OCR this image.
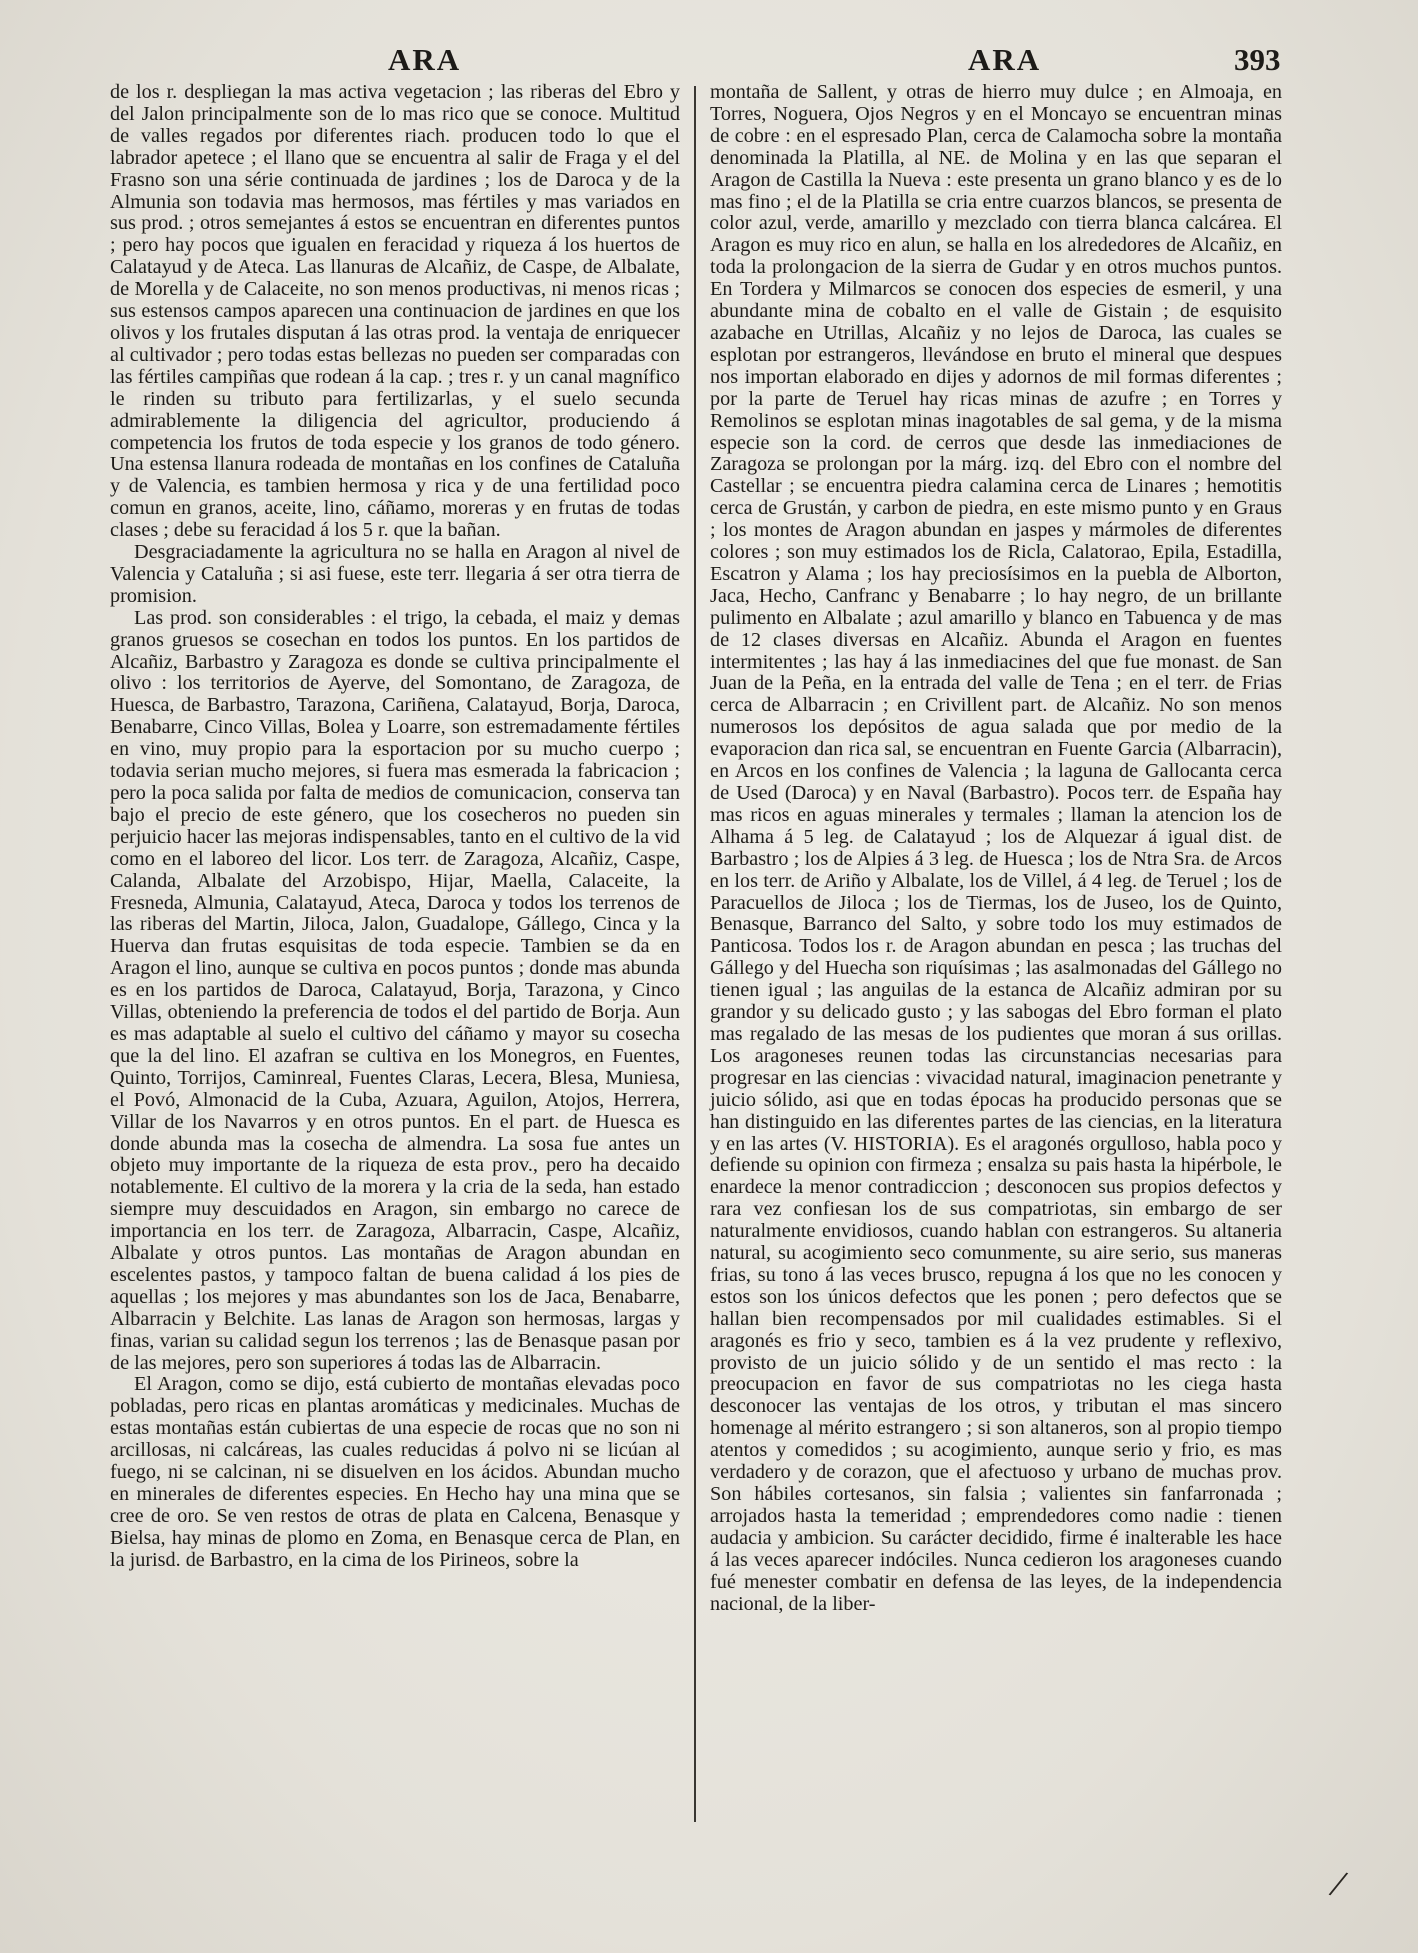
ARA	ARA	393

de los r. despliegan la mas activa vegetacion ; las riberas del Ebro y del Jalon principalmente son de lo mas rico que se conoce. Multitud de valles regados por diferentes riach. producen todo lo que el labrador apetece ; el llano que se encuentra al salir de Fraga y el del Frasno son una série continuada de jardines ; los de Daroca y de la Almunia son todavia mas hermosos, mas fértiles y mas variados en sus prod. ; otros semejantes á estos se encuentran en diferentes puntos ; pero hay pocos que igualen en feracidad y riqueza á los huertos de Calatayud y de Ateca. Las llanuras de Alcañiz, de Caspe, de Albalate, de Morella y de Calaceite, no son menos productivas, ni menos ricas ; sus estensos campos aparecen una continuacion de jardines en que los olivos y los frutales disputan á las otras prod. la ventaja de enriquecer al cultivador ; pero todas estas bellezas no pueden ser comparadas con las fértiles campiñas que rodean á la cap. ; tres r. y un canal magnífico le rinden su tributo para fertilizarlas, y el suelo secunda admirablemente la diligencia del agricultor, produciendo á competencia los frutos de toda especie y los granos de todo género. Una estensa llanura rodeada de montañas en los confines de Cataluña y de Valencia, es tambien hermosa y rica y de una fertilidad poco comun en granos, aceite, lino, cáñamo, moreras y en frutas de todas clases ; debe su feracidad á los 5 r. que la bañan.

Desgraciadamente la agricultura no se halla en Aragon al nivel de Valencia y Cataluña ; si asi fuese, este terr. llegaria á ser otra tierra de promision.

Las prod. son considerables : el trigo, la cebada, el maiz y demas granos gruesos se cosechan en todos los puntos. En los partidos de Alcañiz, Barbastro y Zaragoza es donde se cultiva principalmente el olivo : los territorios de Ayerve, del Somontano, de Zaragoza, de Huesca, de Barbastro, Tarazona, Cariñena, Calatayud, Borja, Daroca, Benabarre, Cinco Villas, Bolea y Loarre, son estremadamente fértiles en vino, muy propio para la esportacion por su mucho cuerpo ; todavia serian mucho mejores, si fuera mas esmerada la fabricacion ; pero la poca salida por falta de medios de comunicacion, conserva tan bajo el precio de este género, que los cosecheros no pueden sin perjuicio hacer las mejoras indispensables, tanto en el cultivo de la vid como en el laboreo del licor. Los terr. de Zaragoza, Alcañiz, Caspe, Calanda, Albalate del Arzobispo, Hijar, Maella, Calaceite, la Fresneda, Almunia, Calatayud, Ateca, Daroca y todos los terrenos de las riberas del Martin, Jiloca, Jalon, Guadalope, Gállego, Cinca y la Huerva dan frutas esquisitas de toda especie. Tambien se da en Aragon el lino, aunque se cultiva en pocos puntos ; donde mas abunda es en los partidos de Daroca, Calatayud, Borja, Tarazona, y Cinco Villas, obteniendo la preferencia de todos el del partido de Borja. Aun es mas adaptable al suelo el cultivo del cáñamo y mayor su cosecha que la del lino. El azafran se cultiva en los Monegros, en Fuentes, Quinto, Torrijos, Caminreal, Fuentes Claras, Lecera, Blesa, Muniesa, el Povó, Almonacid de la Cuba, Azuara, Aguilon, Atojos, Herrera, Villar de los Navarros y en otros puntos. En el part. de Huesca es donde abunda mas la cosecha de almendra. La sosa fue antes un objeto muy importante de la riqueza de esta prov., pero ha decaido notablemente. El cultivo de la morera y la cria de la seda, han estado siempre muy descuidados en Aragon, sin embargo no carece de importancia en los terr. de Zaragoza, Albarracin, Caspe, Alcañiz, Albalate y otros puntos. Las montañas de Aragon abundan en escelentes pastos, y tampoco faltan de buena calidad á los pies de aquellas ; los mejores y mas abundantes son los de Jaca, Benabarre, Albarracin y Belchite. Las lanas de Aragon son hermosas, largas y finas, varian su calidad segun los terrenos ; las de Benasque pasan por de las mejores, pero son superiores á todas las de Albarracin.

El Aragon, como se dijo, está cubierto de montañas elevadas poco pobladas, pero ricas en plantas aromáticas y medicinales. Muchas de estas montañas están cubiertas de una especie de rocas que no son ni arcillosas, ni calcáreas, las cuales reducidas á polvo ni se licúan al fuego, ni se calcinan, ni se disuelven en los ácidos. Abundan mucho en minerales de diferentes especies. En Hecho hay una mina que se cree de oro. Se ven restos de otras de plata en Calcena, Benasque y Bielsa, hay minas de plomo en Zoma, en Benasque cerca de Plan, en la jurisd. de Barbastro, en la cima de los Pirineos, sobre la

montaña de Sallent, y otras de hierro muy dulce ; en Almoaja, en Torres, Noguera, Ojos Negros y en el Moncayo se encuentran minas de cobre : en el espresado Plan, cerca de Calamocha sobre la montaña denominada la Platilla, al NE. de Molina y en las que separan el Aragon de Castilla la Nueva : este presenta un grano blanco y es de lo mas fino ; el de la Platilla se cria entre cuarzos blancos, se presenta de color azul, verde, amarillo y mezclado con tierra blanca calcárea. El Aragon es muy rico en alun, se halla en los alrededores de Alcañiz, en toda la prolongacion de la sierra de Gudar y en otros muchos puntos. En Tordera y Milmarcos se conocen dos especies de esmeril, y una abundante mina de cobalto en el valle de Gistain ; de esquisito azabache en Utrillas, Alcañiz y no lejos de Daroca, las cuales se esplotan por estrangeros, llevándose en bruto el mineral que despues nos importan elaborado en dijes y adornos de mil formas diferentes ; por la parte de Teruel hay ricas minas de azufre ; en Torres y Remolinos se esplotan minas inagotables de sal gema, y de la misma especie son la cord. de cerros que desde las inmediaciones de Zaragoza se prolongan por la márg. izq. del Ebro con el nombre del Castellar ; se encuentra piedra calamina cerca de Linares ; hemotitis cerca de Grustán, y carbon de piedra, en este mismo punto y en Graus ; los montes de Aragon abundan en jaspes y mármoles de diferentes colores ; son muy estimados los de Ricla, Calatorao, Epila, Estadilla, Escatron y Alama ; los hay preciosísimos en la puebla de Alborton, Jaca, Hecho, Canfranc y Benabarre ; lo hay negro, de un brillante pulimento en Albalate ; azul amarillo y blanco en Tabuenca y de mas de 12 clases diversas en Alcañiz. Abunda el Aragon en fuentes intermitentes ; las hay á las inmediacines del que fue monast. de San Juan de la Peña, en la entrada del valle de Tena ; en el terr. de Frias cerca de Albarracin ; en Crivillent part. de Alcañiz. No son menos numerosos los depósitos de agua salada que por medio de la evaporacion dan rica sal, se encuentran en Fuente Garcia (Albarracin), en Arcos en los confines de Valencia ; la laguna de Gallocanta cerca de Used (Daroca) y en Naval (Barbastro). Pocos terr. de España hay mas ricos en aguas minerales y termales ; llaman la atencion los de Alhama á 5 leg. de Calatayud ; los de Alquezar á igual dist. de Barbastro ; los de Alpies á 3 leg. de Huesca ; los de Ntra Sra. de Arcos en los terr. de Ariño y Albalate, los de Villel, á 4 leg. de Teruel ; los de Paracuellos de Jiloca ; los de Tiermas, los de Juseo, los de Quinto, Benasque, Barranco del Salto, y sobre todo los muy estimados de Panticosa. Todos los r. de Aragon abundan en pesca ; las truchas del Gállego y del Huecha son riquísimas ; las asalmonadas del Gállego no tienen igual ; las anguilas de la estanca de Alcañiz admiran por su grandor y su delicado gusto ; y las sabogas del Ebro forman el plato mas regalado de las mesas de los pudientes que moran á sus orillas. Los aragoneses reunen todas las circunstancias necesarias para progresar en las ciencias : vivacidad natural, imaginacion penetrante y juicio sólido, asi que en todas épocas ha producido personas que se han distinguido en las diferentes partes de las ciencias, en la literatura y en las artes (V. HISTORIA). Es el aragonés orgulloso, habla poco y defiende su opinion con firmeza ; ensalza su pais hasta la hipérbole, le enardece la menor contradiccion ; desconocen sus propios defectos y rara vez confiesan los de sus compatriotas, sin embargo de ser naturalmente envidiosos, cuando hablan con estrangeros. Su altaneria natural, su acogimiento seco comunmente, su aire serio, sus maneras frias, su tono á las veces brusco, repugna á los que no les conocen y estos son los únicos defectos que les ponen ; pero defectos que se hallan bien recompensados por mil cualidades estimables. Si el aragonés es frio y seco, tambien es á la vez prudente y reflexivo, provisto de un juicio sólido y de un sentido el mas recto : la preocupacion en favor de sus compatriotas no les ciega hasta desconocer las ventajas de los otros, y tributan el mas sincero homenage al mérito estrangero ; si son altaneros, son al propio tiempo atentos y comedidos ; su acogimiento, aunque serio y frio, es mas verdadero y de corazon, que el afectuoso y urbano de muchas prov. Son hábiles cortesanos, sin falsia ; valientes sin fanfarronada ; arrojados hasta la temeridad ; emprendedores como nadie : tienen audacia y ambicion. Su carácter decidido, firme é inalterable les hace á las veces aparecer indóciles. Nunca cedieron los aragoneses cuando fué menester combatir en defensa de las leyes, de la independencia nacional, de la liber-

/
